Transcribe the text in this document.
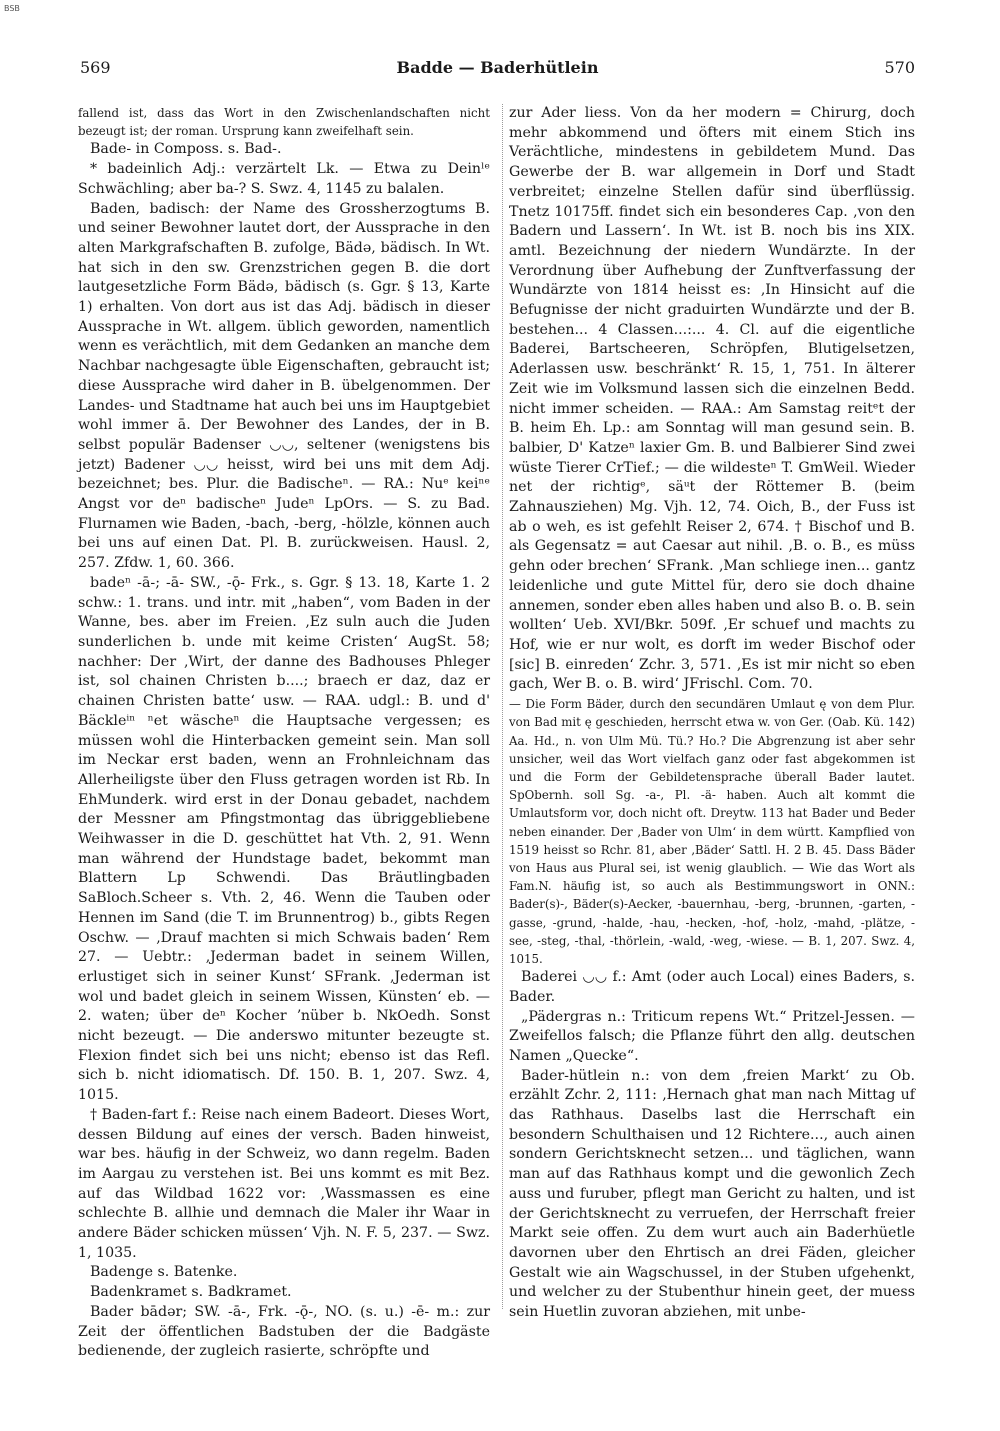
BSB
569	Badde — Baderhütlein	570

fallend ist, dass das Wort in den Zwischenlandschaften nicht bezeugt ist; der roman. Ursprung kann zweifelhaft sein.

Bade- in Composs. s. Bad-.

* badeinlich Adj.: verzärtelt Lk. — Etwa zu Deinˡᵉ Schwächling; aber ba-? S. Swz. 4, 1145 zu balalen.

Baden, badisch: der Name des Grossherzogtums B. und seiner Bewohner lautet dort, der Aussprache in den alten Markgrafschaften B. zufolge, Bädə, bädisch. In Wt. hat sich in den sw. Grenzstrichen gegen B. die dort lautgesetzliche Form Bädə, bädisch (s. Ggr. § 13, Karte 1) erhalten. Von dort aus ist das Adj. bädisch in dieser Aussprache in Wt. allgem. üblich geworden, namentlich wenn es verächtlich, mit dem Gedanken an manche dem Nachbar nachgesagte üble Eigenschaften, gebraucht ist; diese Aussprache wird daher in B. übelgenommen. Der Landes- und Stadtname hat auch bei uns im Hauptgebiet wohl immer ā. Der Bewohner des Landes, der in B. selbst populär Badenser ◡◡, seltener (wenigstens bis jetzt) Badener ◡◡ heisst, wird bei uns mit dem Adj. bezeichnet; bes. Plur. die Badischeⁿ. — RA.: Nuᵉ keiⁿᵉ Angst vor deⁿ badischeⁿ Judeⁿ LpOrs. — S. zu Bad. Flurnamen wie Baden, -bach, -berg, -hölzle, können auch bei uns auf einen Dat. Pl. B. zurückweisen. Hausl. 2, 257. Zfdw. 1, 60. 366.

badeⁿ -ā-; -ā- SW., -ǭ- Frk., s. Ggr. § 13. 18, Karte 1. 2 schw.: 1. trans. und intr. mit „haben“, vom Baden in der Wanne, bes. aber im Freien. ‚Ez suln auch die Juden sunderlichen b. unde mit keime Cristen‘ AugSt. 58; nachher: Der ‚Wirt, der danne des Badhouses Phleger ist, sol chainen Christen b....; braech er daz, daz er chainen Christen batte‘ usw. — RAA. udgl.: B. und d' Bäckleⁱⁿ ⁿet wäscheⁿ die Hauptsache vergessen; es müssen wohl die Hinterbacken gemeint sein. Man soll im Neckar erst baden, wenn an Frohnleichnam das Allerheiligste über den Fluss getragen worden ist Rb. In EhMunderk. wird erst in der Donau gebadet, nachdem der Messner am Pfingstmontag das übriggebliebene Weihwasser in die D. geschüttet hat Vth. 2, 91. Wenn man während der Hundstage badet, bekommt man Blattern Lp Schwendi. Das Bräutlingbaden SaBloch.Scheer s. Vth. 2, 46. Wenn die Tauben oder Hennen im Sand (die T. im Brunnentrog) b., gibts Regen Oschw. — ‚Drauf machten si mich Schwais baden‘ Rem 27. — Uebtr.: ‚Jederman badet in seinem Willen, erlustiget sich in seiner Kunst‘ SFrank. ‚Jederman ist wol und badet gleich in seinem Wissen, Künsten‘ eb. — 2. waten; über deⁿ Kocher ʼnüber b. NkOedh. Sonst nicht bezeugt. — Die anderswo mitunter bezeugte st. Flexion findet sich bei uns nicht; ebenso ist das Refl. sich b. nicht idiomatisch. Df. 150. B. 1, 207. Swz. 4, 1015.

† Baden-fart f.: Reise nach einem Badeort. Dieses Wort, dessen Bildung auf eines der versch. Baden hinweist, war bes. häufig in der Schweiz, wo dann regelm. Baden im Aargau zu verstehen ist. Bei uns kommt es mit Bez. auf das Wildbad 1622 vor: ‚Wassmassen es eine schlechte B. allhie und demnach die Maler ihr Waar in andere Bäder schicken müssen‘ Vjh. N. F. 5, 237. — Swz. 1, 1035.

Badenge s. Batenke.

Badenkramet s. Badkramet.

Bader bādər; SW. -ā-, Frk. -ǭ-, NO. (s. u.) -ē- m.: zur Zeit der öffentlichen Badstuben der die Badgäste bedienende, der zugleich rasierte, schröpfte und

zur Ader liess. Von da her modern = Chirurg, doch mehr abkommend und öfters mit einem Stich ins Verächtliche, mindestens in gebildetem Mund. Das Gewerbe der B. war allgemein in Dorf und Stadt verbreitet; einzelne Stellen dafür sind überflüssig. Tnetz 10175ff. findet sich ein besonderes Cap. ‚von den Badern und Lassern‘. In Wt. ist B. noch bis ins XIX. amtl. Bezeichnung der niedern Wundärzte. In der Verordnung über Aufhebung der Zunftverfassung der Wundärzte von 1814 heisst es: ‚In Hinsicht auf die Befugnisse der nicht graduirten Wundärzte und der B. bestehen... 4 Classen...:... 4. Cl. auf die eigentliche Baderei, Bartscheeren, Schröpfen, Blutigelsetzen, Aderlassen usw. beschränkt‘ R. 15, 1, 751. In älterer Zeit wie im Volksmund lassen sich die einzelnen Bedd. nicht immer scheiden. — RAA.: Am Samstag reitᵉt der B. heim Eh. Lp.: am Sonntag will man gesund sein. B. balbier, D' Katzeⁿ laxier Gm. B. und Balbierer Sind zwei wüste Tierer CrTief.; — die wildesteⁿ T. GmWeil. Wieder net der richtigᵉ, säᵘt der Röttemer B. (beim Zahnausziehen) Mg. Vjh. 12, 74. Oich, B., der Fuss ist ab o weh, es ist gefehlt Reiser 2, 674. † Bischof und B. als Gegensatz = aut Caesar aut nihil. ‚B. o. B., es müss gehn oder brechen‘ SFrank. ‚Man schliege inen... gantz leidenliche und gute Mittel für, dero sie doch dhaine annemen, sonder eben alles haben und also B. o. B. sein wollten‘ Ueb. XVI/Bkr. 509f. ‚Er schuef und machts zu Hof, wie er nur wolt, es dorft im weder Bischof oder [sic] B. einreden‘ Zchr. 3, 571. ‚Es ist mir nicht so eben gach, Wer B. o. B. wird‘ JFrischl. Com. 70.

— Die Form Bäder, durch den secundären Umlaut ę von dem Plur. von Bad mit ę geschieden, herrscht etwa w. von Ger. (Oab. Kü. 142) Aa. Hd., n. von Ulm Mü. Tü.? Ho.? Die Abgrenzung ist aber sehr unsicher, weil das Wort vielfach ganz oder fast abgekommen ist und die Form der Gebildetensprache überall Bader lautet. SpObernh. soll Sg. -a-, Pl. -ä- haben. Auch alt kommt die Umlautsform vor, doch nicht oft. Dreytw. 113 hat Bader und Beder neben einander. Der ‚Bader von Ulm‘ in dem württ. Kampflied von 1519 heisst so Rchr. 81, aber ‚Bäder‘ Sattl. H. 2 B. 45. Dass Bäder von Haus aus Plural sei, ist wenig glaublich. — Wie das Wort als Fam.N. häufig ist, so auch als Bestimmungswort in ONN.: Bader(s)-, Bäder(s)-Aecker, -bauernhau, -berg, -brunnen, -garten, -gasse, -grund, -halde, -hau, -hecken, -hof, -holz, -mahd, -plätze, -see, -steg, -thal, -thörlein, -wald, -weg, -wiese. — B. 1, 207. Swz. 4, 1015.

Baderei ◡◡ f.: Amt (oder auch Local) eines Baders, s. Bader.

„Pädergras n.: Triticum repens Wt.“ Pritzel-Jessen. — Zweifellos falsch; die Pflanze führt den allg. deutschen Namen „Quecke“.

Bader-hütlein n.: von dem ‚freien Markt‘ zu Ob. erzählt Zchr. 2, 111: ‚Hernach ghat man nach Mittag uf das Rathhaus. Daselbs last die Herrschaft ein besondern Schulthaisen und 12 Richtere..., auch ainen sondern Gerichtsknecht setzen... und täglichen, wann man auf das Rathhaus kompt und die gewonlich Zech auss und furuber, pflegt man Gericht zu halten, und ist der Gerichtsknecht zu verruefen, der Herrschaft freier Markt seie offen. Zu dem wurt auch ain Baderhüetle davornen uber den Ehrtisch an drei Fäden, gleicher Gestalt wie ain Wagschussel, in der Stuben ufgehenkt, und welcher zu der Stubenthur hinein geet, der muess sein Huetlin zuvoran abziehen, mit unbe-
